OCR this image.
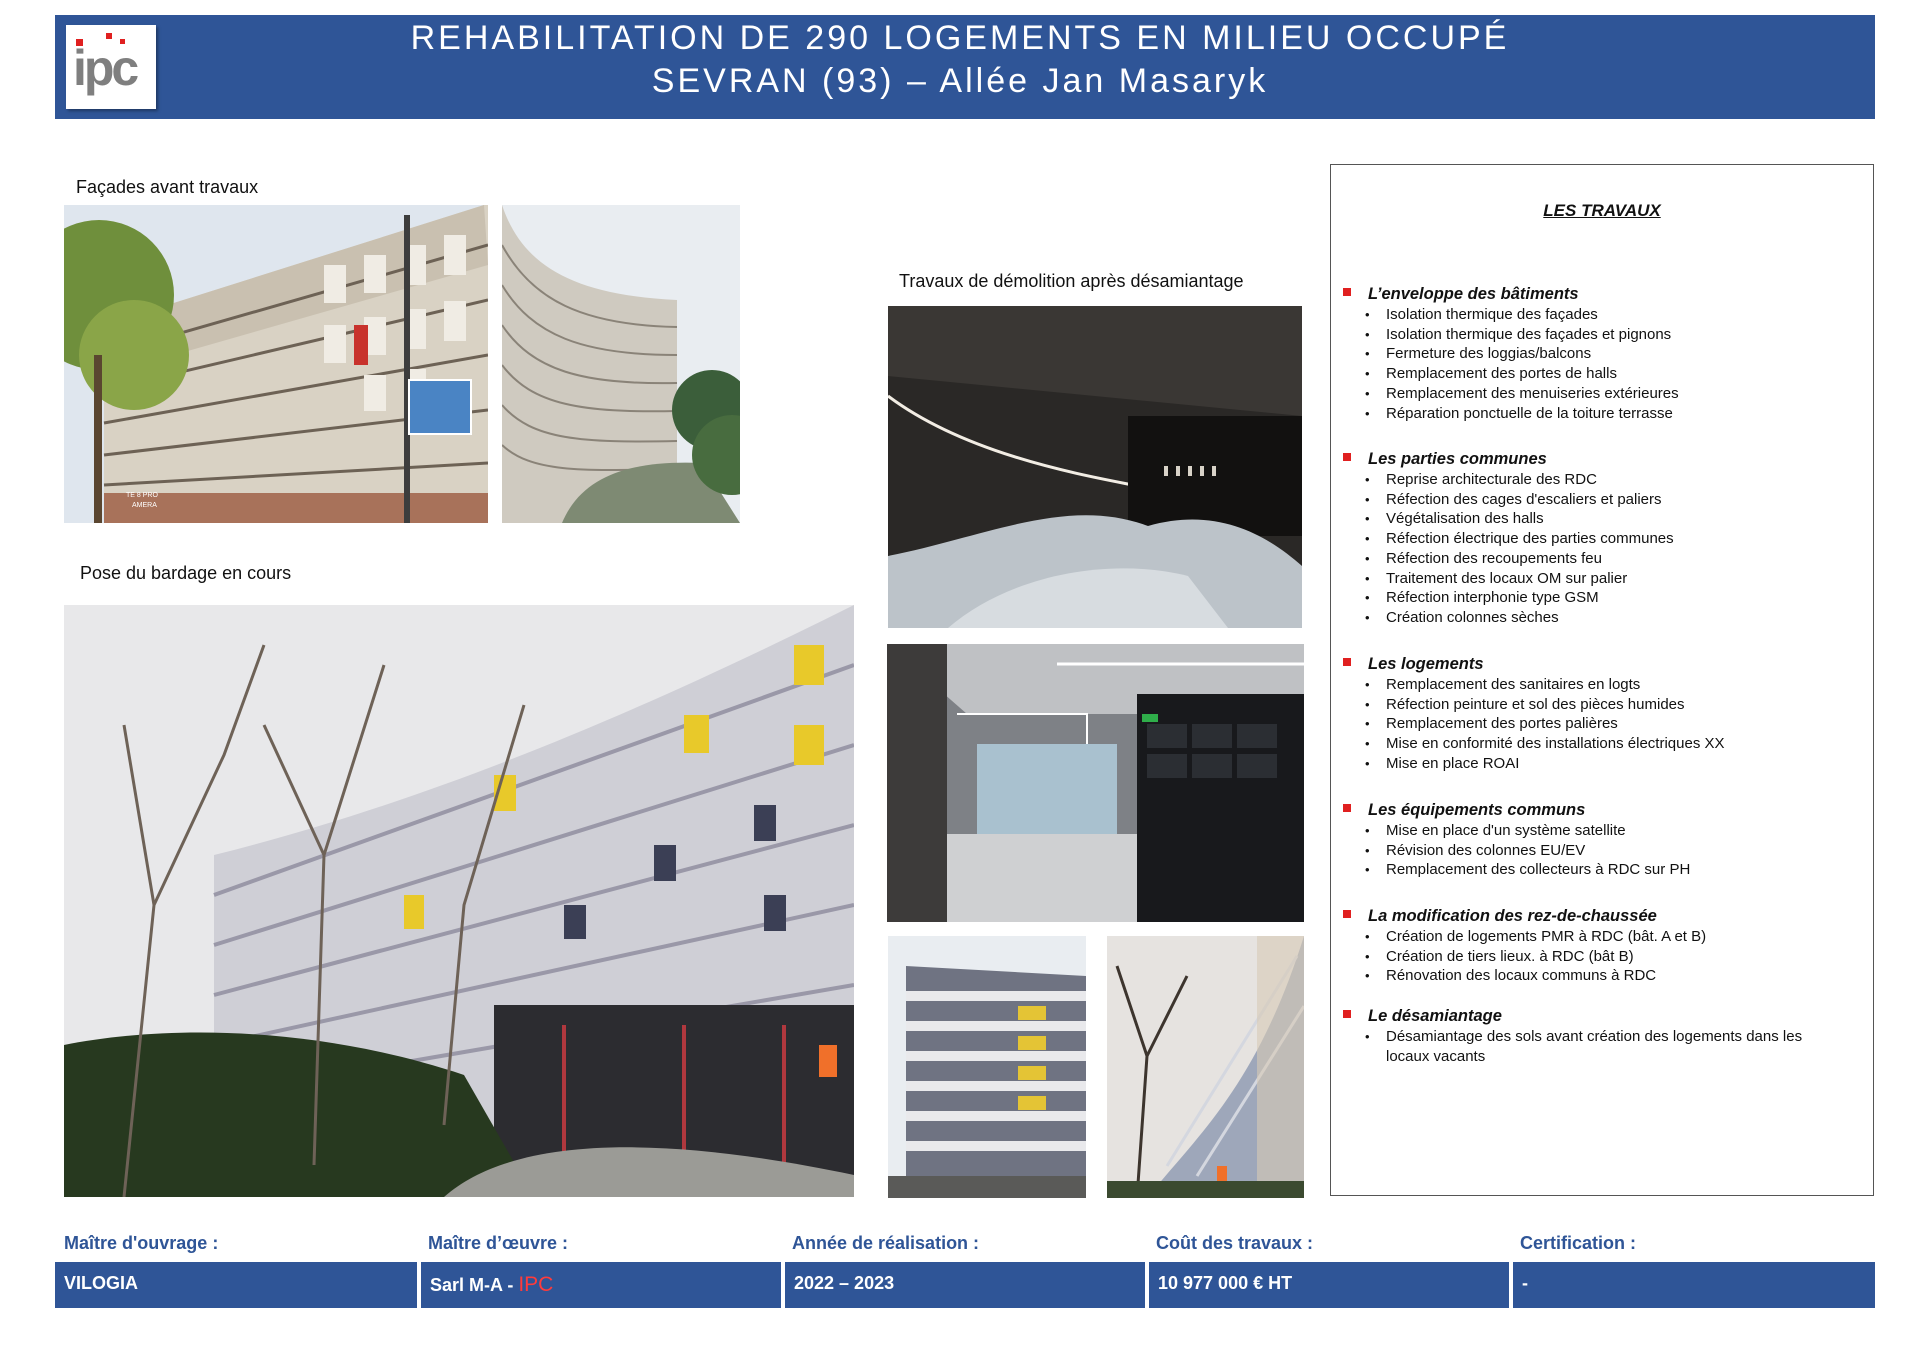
ipc
REHABILITATION DE 290 LOGEMENTS EN MILIEU OCCUPÉ
SEVRAN (93) – Allée Jan Masaryk
Façades avant travaux
Travaux de démolition après désamiantage
Pose du bardage en cours
TE 8 PRO
AMERA
LES TRAVAUX
L’enveloppe des bâtiments
• Isolation thermique des façades
• Isolation thermique des façades et pignons
• Fermeture des loggias/balcons
• Remplacement des portes de halls
• Remplacement des menuiseries extérieures
• Réparation ponctuelle de la toiture terrasse
Les parties communes
• Reprise architecturale des RDC
• Réfection des cages d'escaliers et paliers
• Végétalisation des halls
• Réfection électrique des parties communes
• Réfection des recoupements feu
• Traitement des locaux OM sur palier
• Réfection interphonie type GSM
• Création colonnes sèches
Les logements
• Remplacement des sanitaires en logts
• Réfection peinture et sol des pièces humides
• Remplacement des portes palières
• Mise en conformité des installations électriques XX
• Mise en place ROAI
Les équipements communs
• Mise en place d'un système satellite
• Révision des colonnes EU/EV
• Remplacement des collecteurs à RDC sur PH
La modification des rez-de-chaussée
• Création de logements PMR à RDC (bât. A et B)
• Création de tiers lieux. à RDC (bât B)
• Rénovation des locaux communs à RDC
Le désamiantage
• Désamiantage des sols avant création des logements dans les locaux vacants
Maître d'ouvrage :	Maître d’œuvre :	Année de réalisation :	Coût des travaux :	Certification :
VILOGIA	Sarl M-A - IPC	2022 – 2023	10 977 000 € HT	-
